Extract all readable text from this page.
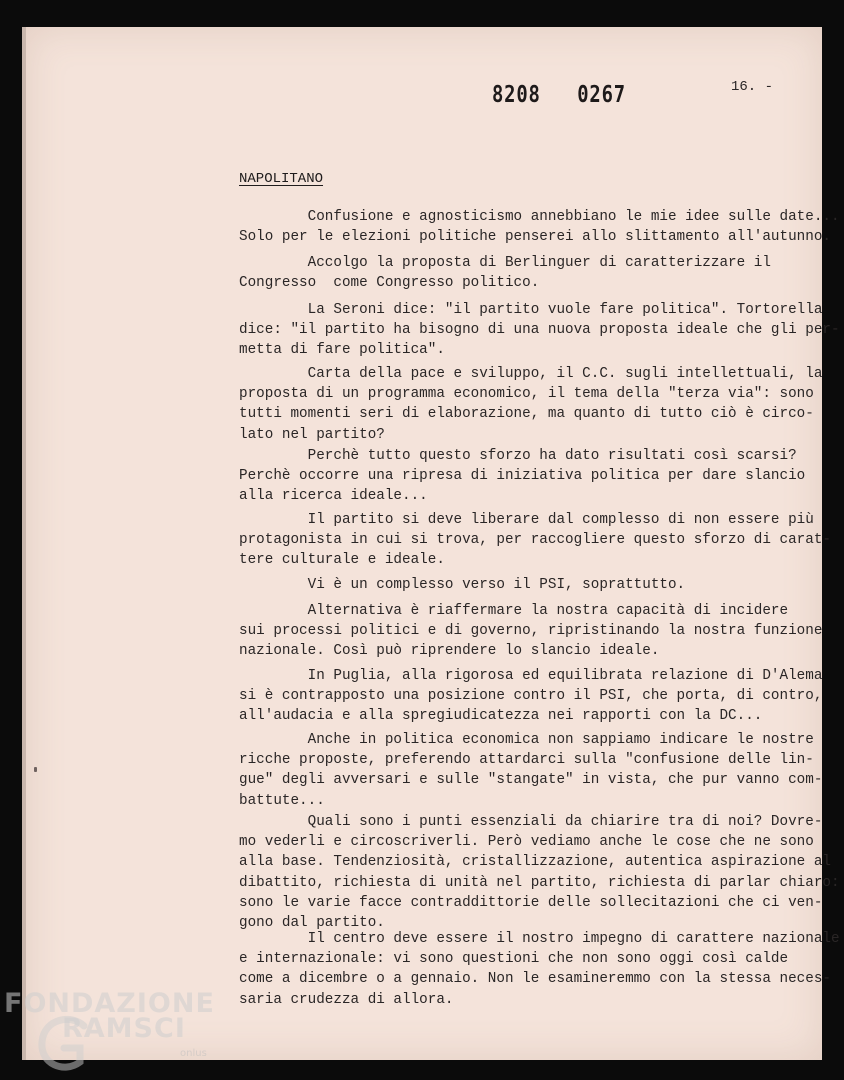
8208   0267	16. -
NAPOLITANO

Confusione e agnosticismo annebbiano le mie idee sulle date...
Solo per le elezioni politiche penserei allo slittamento all'autunno.

Accolgo la proposta di Berlinguer di caratterizzare il
Congresso  come Congresso politico.

La Seroni dice: "il partito vuole fare politica". Tortorella
dice: "il partito ha bisogno di una nuova proposta ideale che gli per-
metta di fare politica".

Carta della pace e sviluppo, il C.C. sugli intellettuali, la
proposta di un programma economico, il tema della "terza via": sono
tutti momenti seri di elaborazione, ma quanto di tutto ciò è circo-
lato nel partito?

Perchè tutto questo sforzo ha dato risultati così scarsi?
Perchè occorre una ripresa di iniziativa politica per dare slancio
alla ricerca ideale...

Il partito si deve liberare dal complesso di non essere più
protagonista in cui si trova, per raccogliere questo sforzo di carat-
tere culturale e ideale.

Vi è un complesso verso il PSI, soprattutto.

Alternativa è riaffermare la nostra capacità di incidere
sui processi politici e di governo, ripristinando la nostra funzione
nazionale. Così può riprendere lo slancio ideale.

In Puglia, alla rigorosa ed equilibrata relazione di D'Alema
si è contrapposto una posizione contro il PSI, che porta, di contro,
all'audacia e alla spregiudicatezza nei rapporti con la DC...

Anche in politica economica non sappiamo indicare le nostre
ricche proposte, preferendo attardarci sulla "confusione delle lin-
gue" degli avversari e sulle "stangate" in vista, che pur vanno com-
battute...

Quali sono i punti essenziali da chiarire tra di noi? Dovre-
mo vederli e circoscriverli. Però vediamo anche le cose che ne sono
alla base. Tendenziosità, cristallizzazione, autentica aspirazione al
dibattito, richiesta di unità nel partito, richiesta di parlar chiaro:
sono le varie facce contraddittorie delle sollecitazioni che ci ven-
gono dal partito.

Il centro deve essere il nostro impegno di carattere nazionale
e internazionale: vi sono questioni che non sono oggi così calde
come a dicembre o a gennaio. Non le esamineremmo con la stessa neces-
saria crudezza di allora.

FONDAZIONE
RAMSCI
onlus
